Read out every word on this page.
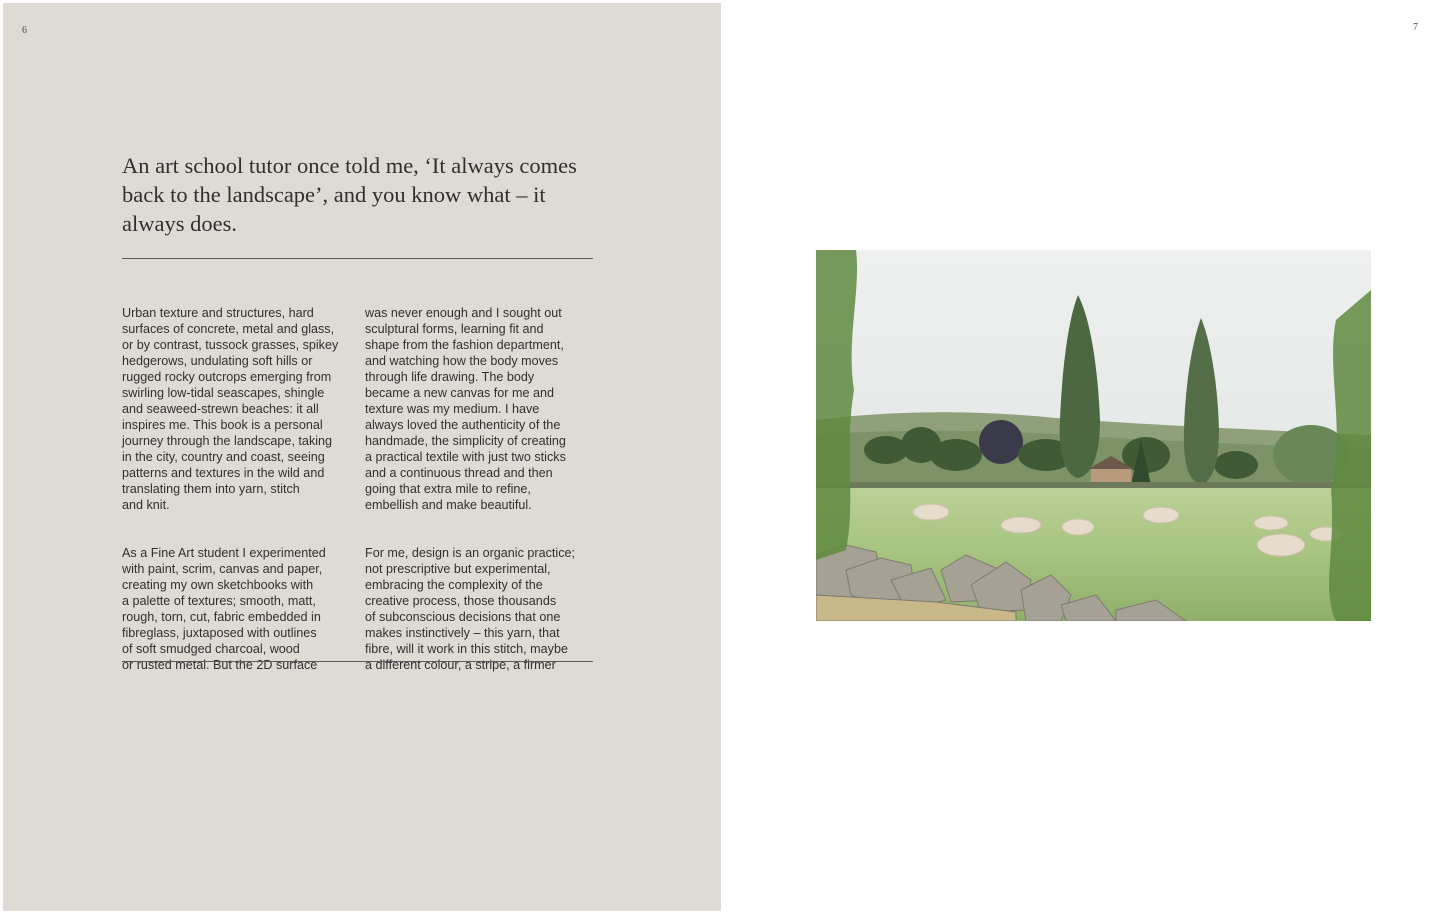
6
An art school tutor once told me, ‘It always comes back to the landscape’, and you know what – it always does.

Urban texture and structures, hard
surfaces of concrete, metal and glass,
or by contrast, tussock grasses, spikey
hedgerows, undulating soft hills or
rugged rocky outcrops emerging from
swirling low-tidal seascapes, shingle
and seaweed-strewn beaches: it all
inspires me. This book is a personal
journey through the landscape, taking
in the city, country and coast, seeing
patterns and textures in the wild and
translating them into yarn, stitch
and knit.

As a Fine Art student I experimented
with paint, scrim, canvas and paper,
creating my own sketchbooks with
a palette of textures; smooth, matt,
rough, torn, cut, fabric embedded in
fibreglass, juxtaposed with outlines
of soft smudged charcoal, wood
or rusted metal. But the 2D surface

was never enough and I sought out
sculptural forms, learning fit and
shape from the fashion department,
and watching how the body moves
through life drawing. The body
became a new canvas for me and
texture was my medium. I have
always loved the authenticity of the
handmade, the simplicity of creating
a practical textile with just two sticks
and a continuous thread and then
going that extra mile to refine,
embellish and make beautiful.

For me, design is an organic practice;
not prescriptive but experimental,
embracing the complexity of the
creative process, those thousands
of subconscious decisions that one
makes instinctively – this yarn, that
fibre, will it work in this stitch, maybe
a different colour, a stripe, a firmer

7
